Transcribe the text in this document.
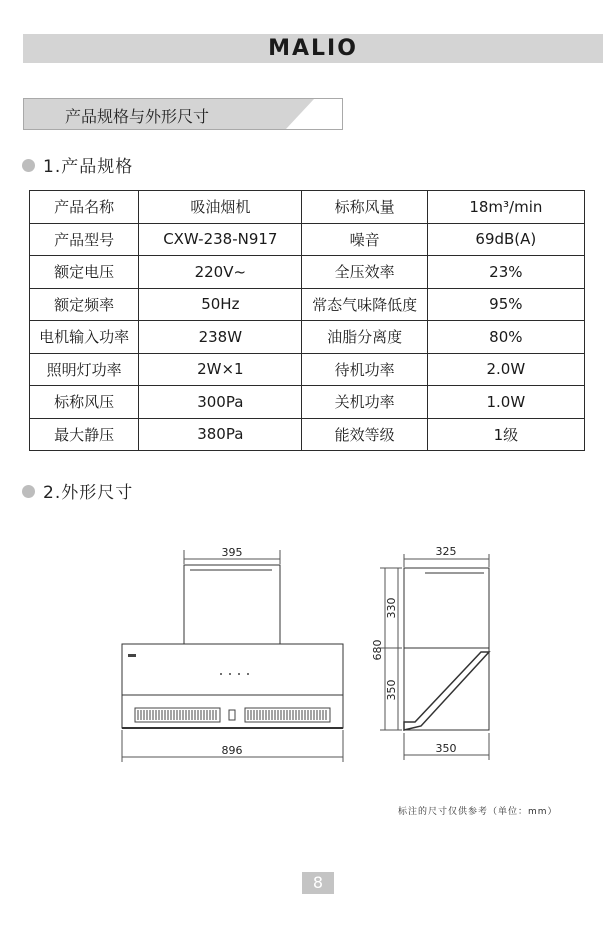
MALIO
产品规格与外形尺寸
1.产品规格
产品名称	吸油烟机	标称风量	18m³/min
产品型号	CXW-238-N917	噪音	69dB(A)
额定电压	220V~	全压效率	23%
额定频率	50Hz	常态气味降低度	95%
电机输入功率	238W	油脂分离度	80%
照明灯功率	2W×1	待机功率	2.0W
标称风压	300Pa	关机功率	1.0W
最大静压	380Pa	能效等级	1级
2.外形尺寸
395
896
325
350
680
330
350
标注的尺寸仅供参考（单位：mm）
8
